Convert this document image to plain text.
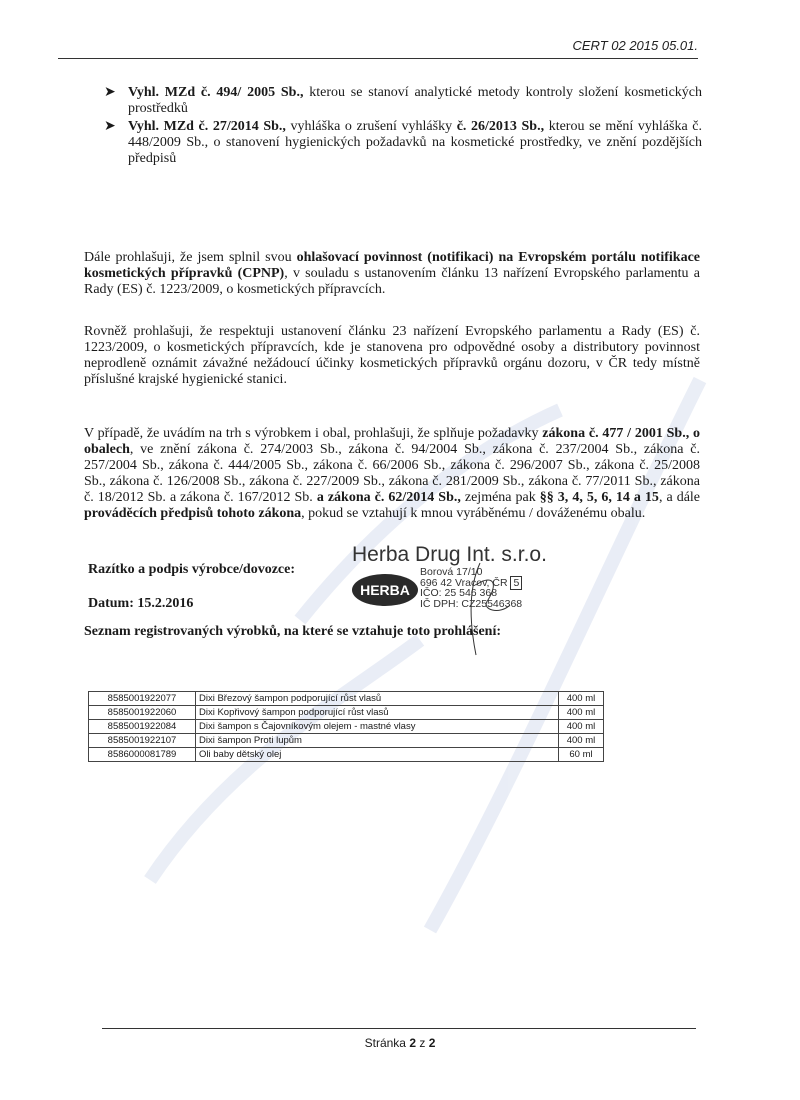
CERT 02 2015 05.01.
➤ Vyhl. MZd č. 494/ 2005 Sb., kterou se stanoví analytické metody kontroly složení kosmetických prostředků
➤ Vyhl. MZd č. 27/2014 Sb., vyhláška o zrušení vyhlášky č. 26/2013 Sb., kterou se mění vyhláška č. 448/2009 Sb., o stanovení hygienických požadavků na kosmetické prostředky, ve znění pozdějších předpisů
Dále prohlašuji, že jsem splnil svou ohlašovací povinnost (notifikaci) na Evropském portálu notifikace kosmetických přípravků (CPNP), v souladu s ustanovením článku 13 nařízení Evropského parlamentu a Rady (ES) č. 1223/2009, o kosmetických přípravcích.
Rovněž prohlašuji, že respektuji ustanovení článku 23 nařízení Evropského parlamentu a Rady (ES) č. 1223/2009, o kosmetických přípravcích, kde je stanovena pro odpovědné osoby a distributory povinnost neprodleně oznámit závažné nežádoucí účinky kosmetických přípravků orgánu dozoru, v ČR tedy místně příslušné krajské hygienické stanici.
V případě, že uvádím na trh s výrobkem i obal, prohlašuji, že splňuje požadavky zákona č. 477 / 2001 Sb., o obalech, ve znění zákona č. 274/2003 Sb., zákona č. 94/2004 Sb., zákona č. 237/2004 Sb., zákona č. 257/2004 Sb., zákona č. 444/2005 Sb., zákona č. 66/2006 Sb., zákona č. 296/2007 Sb., zákona č. 25/2008 Sb., zákona č. 126/2008 Sb., zákona č. 227/2009 Sb., zákona č. 281/2009 Sb., zákona č. 77/2011 Sb., zákona č. 18/2012 Sb. a zákona č. 167/2012 Sb. a zákona č. 62/2014 Sb., zejména pak §§ 3, 4, 5, 6, 14 a 15, a dále prováděcích předpisů tohoto zákona, pokud se vztahují k mnou vyráběnému / dováženému obalu.
Razítko a podpis výrobce/dovozce:
Datum: 15.2.2016
Herba Drug Int. s.r.o.
HERBA
Borová 17/10
696 42 Vracov, ČR 5
IČO: 25 546 368
IČ DPH: CZ25546368
Seznam registrovaných výrobků, na které se vztahuje toto prohlášení:
8585001922077	Dixi Březový šampon podporující růst vlasů	400 ml
8585001922060	Dixi Kopřivový šampon podporující růst vlasů	400 ml
8585001922084	Dixi šampon s Čajovníkovým olejem - mastné vlasy	400 ml
8585001922107	Dixi šampon Proti lupům	400 ml
8586000081789	Oli baby dětský olej	60 ml
Stránka 2 z 2
